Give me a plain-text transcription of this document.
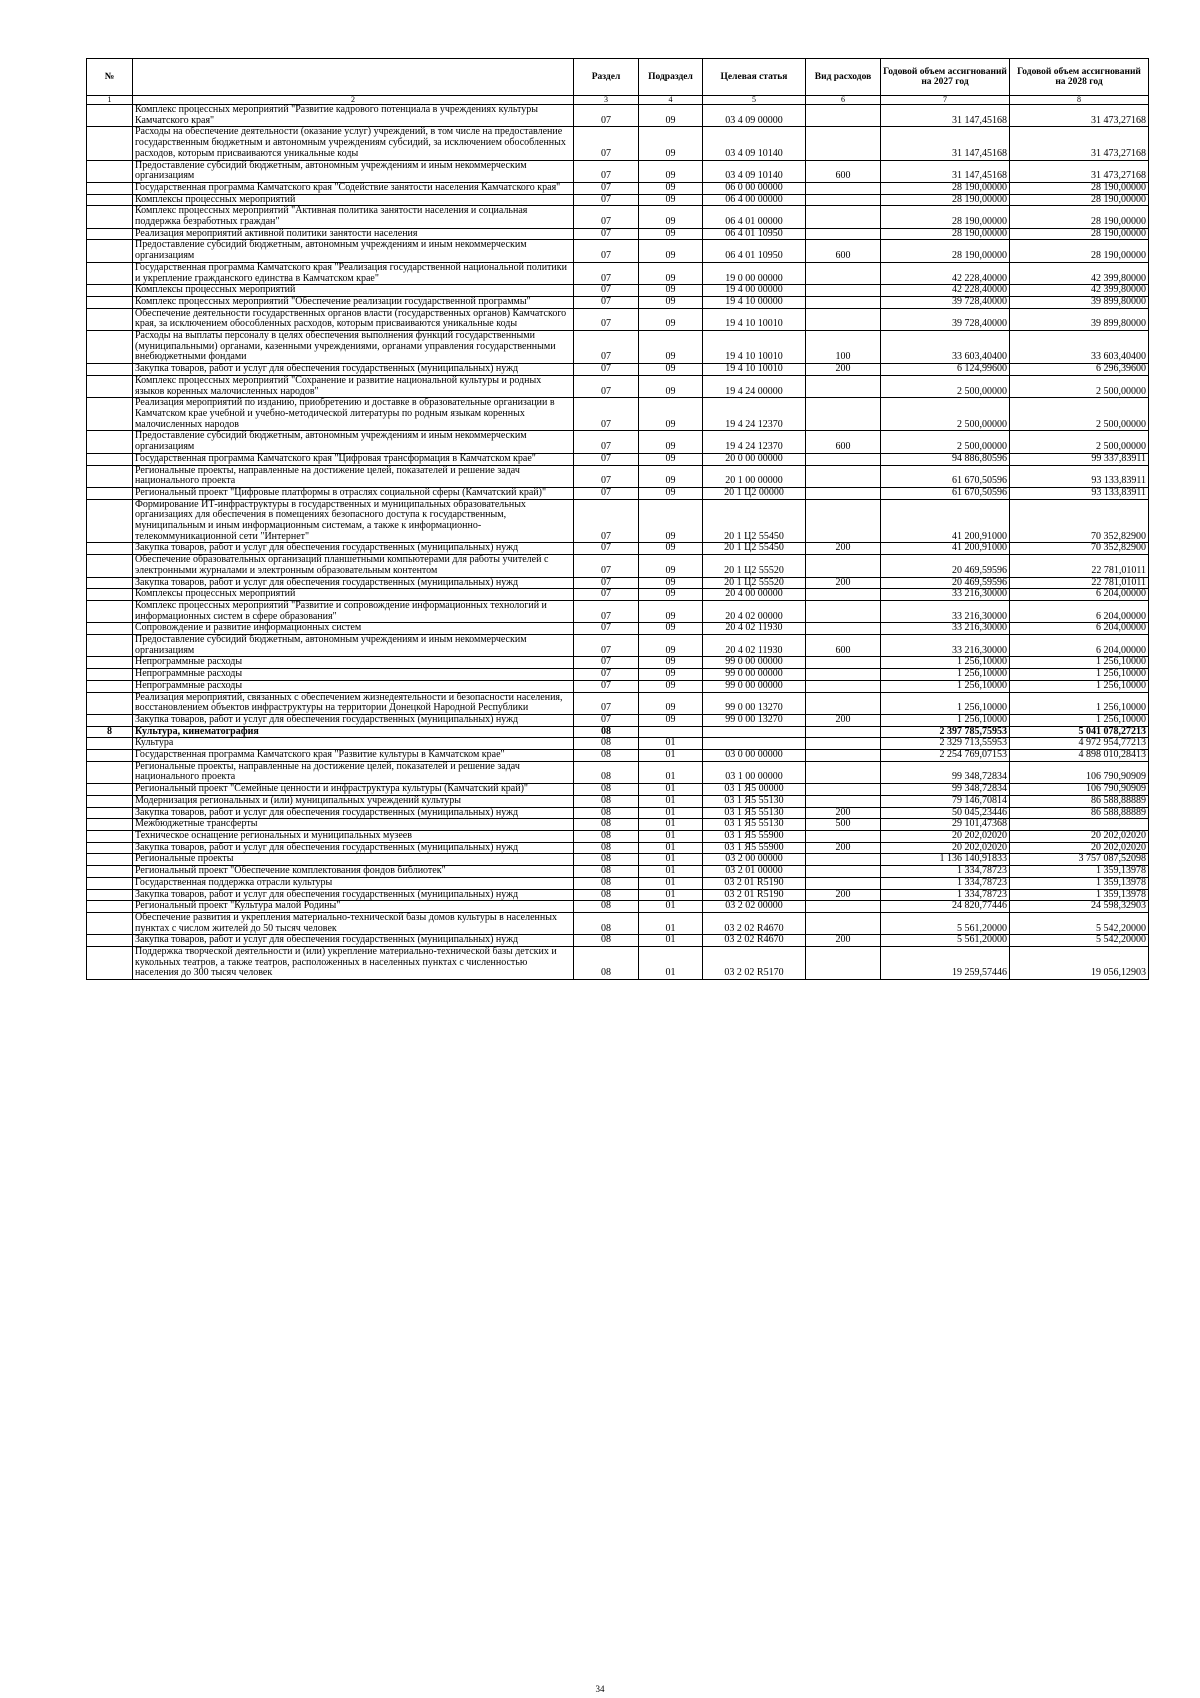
№		Раздел	Подраздел	Целевая статья	Вид расходов	Годовой объем ассигнований на 2027 год	Годовой объем ассигнований на 2028 год
1	2	3	4	5	6	7	8
	Комплекс процессных мероприятий "Развитие кадрового потенциала в учреждениях культуры Камчатского края"	07	09	03 4 09 00000		31 147,45168	31 473,27168
	Расходы на обеспечение деятельности (оказание услуг) учреждений, в том числе на предоставление государственным бюджетным и автономным учреждениям субсидий, за исключением обособленных расходов, которым присваиваются уникальные коды	07	09	03 4 09 10140		31 147,45168	31 473,27168
	Предоставление субсидий бюджетным, автономным учреждениям и иным некоммерческим организациям	07	09	03 4 09 10140	600	31 147,45168	31 473,27168
	Государственная программа Камчатского края "Содействие занятости населения Камчатского края"	07	09	06 0 00 00000		28 190,00000	28 190,00000
	Комплексы процессных мероприятий	07	09	06 4 00 00000		28 190,00000	28 190,00000
	Комплекс процессных мероприятий "Активная политика занятости населения и социальная поддержка безработных граждан"	07	09	06 4 01 00000		28 190,00000	28 190,00000
	Реализация мероприятий активной политики занятости населения	07	09	06 4 01 10950		28 190,00000	28 190,00000
	Предоставление субсидий бюджетным, автономным учреждениям и иным некоммерческим организациям	07	09	06 4 01 10950	600	28 190,00000	28 190,00000
	Государственная программа Камчатского края "Реализация государственной национальной политики и укрепление гражданского единства в Камчатском крае"	07	09	19 0 00 00000		42 228,40000	42 399,80000
	Комплексы процессных мероприятий	07	09	19 4 00 00000		42 228,40000	42 399,80000
	Комплекс процессных мероприятий "Обеспечение реализации государственной программы"	07	09	19 4 10 00000		39 728,40000	39 899,80000
	Обеспечение деятельности государственных органов власти (государственных органов) Камчатского края, за исключением обособленных расходов, которым присваиваются уникальные коды	07	09	19 4 10 10010		39 728,40000	39 899,80000
	Расходы на выплаты персоналу в целях обеспечения выполнения функций государственными (муниципальными) органами, казенными учреждениями, органами управления государственными внебюджетными фондами	07	09	19 4 10 10010	100	33 603,40400	33 603,40400
	Закупка товаров, работ и услуг для обеспечения государственных (муниципальных) нужд	07	09	19 4 10 10010	200	6 124,99600	6 296,39600
	Комплекс процессных мероприятий "Сохранение и развитие национальной культуры и родных языков коренных малочисленных народов"	07	09	19 4 24 00000		2 500,00000	2 500,00000
	Реализация мероприятий по изданию, приобретению и доставке в образовательные организации в Камчатском крае учебной и учебно-методической литературы по родным языкам коренных малочисленных народов	07	09	19 4 24 12370		2 500,00000	2 500,00000
	Предоставление субсидий бюджетным, автономным учреждениям и иным некоммерческим организациям	07	09	19 4 24 12370	600	2 500,00000	2 500,00000
	Государственная программа Камчатского края "Цифровая трансформация в Камчатском крае"	07	09	20 0 00 00000		94 886,80596	99 337,83911
	Региональные проекты, направленные на достижение целей, показателей и решение задач национального проекта	07	09	20 1 00 00000		61 670,50596	93 133,83911
	Региональный проект "Цифровые платформы в отраслях социальной сферы (Камчатский край)"	07	09	20 1 Ц2 00000		61 670,50596	93 133,83911
	Формирование ИТ-инфраструктуры в государственных и муниципальных образовательных организациях для обеспечения в помещениях безопасного доступа к государственным, муниципальным и иным информационным системам, а также к информационно-телекоммуникационной сети "Интернет"	07	09	20 1 Ц2 55450		41 200,91000	70 352,82900
	Закупка товаров, работ и услуг для обеспечения государственных (муниципальных) нужд	07	09	20 1 Ц2 55450	200	41 200,91000	70 352,82900
	Обеспечение образовательных организаций планшетными компьютерами для работы учителей с электронными журналами и электронным образовательным контентом	07	09	20 1 Ц2 55520		20 469,59596	22 781,01011
	Закупка товаров, работ и услуг для обеспечения государственных (муниципальных) нужд	07	09	20 1 Ц2 55520	200	20 469,59596	22 781,01011
	Комплексы процессных мероприятий	07	09	20 4 00 00000		33 216,30000	6 204,00000
	Комплекс процессных мероприятий "Развитие и сопровождение информационных технологий и информационных систем в сфере образования"	07	09	20 4 02 00000		33 216,30000	6 204,00000
	Сопровождение и развитие информационных систем	07	09	20 4 02 11930		33 216,30000	6 204,00000
	Предоставление субсидий бюджетным, автономным учреждениям и иным некоммерческим организациям	07	09	20 4 02 11930	600	33 216,30000	6 204,00000
	Непрограммные расходы	07	09	99 0 00 00000		1 256,10000	1 256,10000
	Непрограммные расходы	07	09	99 0 00 00000		1 256,10000	1 256,10000
	Непрограммные расходы	07	09	99 0 00 00000		1 256,10000	1 256,10000
	Реализация мероприятий, связанных с обеспечением жизнедеятельности и безопасности населения, восстановлением объектов инфраструктуры на территории Донецкой Народной Республики	07	09	99 0 00 13270		1 256,10000	1 256,10000
	Закупка товаров, работ и услуг для обеспечения государственных (муниципальных) нужд	07	09	99 0 00 13270	200	1 256,10000	1 256,10000
8	Культура, кинематография	08				2 397 785,75953	5 041 078,27213
	Культура	08	01			2 329 713,55953	4 972 954,77213
	Государственная программа Камчатского края "Развитие культуры в Камчатском крае"	08	01	03 0 00 00000		2 254 769,07153	4 898 010,28413
	Региональные проекты, направленные на достижение целей, показателей и решение задач национального проекта	08	01	03 1 00 00000		99 348,72834	106 790,90909
	Региональный проект "Семейные ценности и инфраструктура культуры (Камчатский край)"	08	01	03 1 Я5 00000		99 348,72834	106 790,90909
	Модернизация региональных и (или) муниципальных учреждений культуры	08	01	03 1 Я5 55130		79 146,70814	86 588,88889
	Закупка товаров, работ и услуг для обеспечения государственных (муниципальных) нужд	08	01	03 1 Я5 55130	200	50 045,23446	86 588,88889
	Межбюджетные трансферты	08	01	03 1 Я5 55130	500	29 101,47368	
	Техническое оснащение региональных и муниципальных музеев	08	01	03 1 Я5 55900		20 202,02020	20 202,02020
	Закупка товаров, работ и услуг для обеспечения государственных (муниципальных) нужд	08	01	03 1 Я5 55900	200	20 202,02020	20 202,02020
	Региональные проекты	08	01	03 2 00 00000		1 136 140,91833	3 757 087,52098
	Региональный проект "Обеспечение комплектования фондов библиотек"	08	01	03 2 01 00000		1 334,78723	1 359,13978
	Государственная поддержка отрасли культуры	08	01	03 2 01 R5190		1 334,78723	1 359,13978
	Закупка товаров, работ и услуг для обеспечения государственных (муниципальных) нужд	08	01	03 2 01 R5190	200	1 334,78723	1 359,13978
	Региональный проект "Культура малой Родины"	08	01	03 2 02 00000		24 820,77446	24 598,32903
	Обеспечение развития и укрепления материально-технической базы домов культуры в населенных пунктах с числом жителей до 50 тысяч человек	08	01	03 2 02 R4670		5 561,20000	5 542,20000
	Закупка товаров, работ и услуг для обеспечения государственных (муниципальных) нужд	08	01	03 2 02 R4670	200	5 561,20000	5 542,20000
	Поддержка творческой деятельности и (или) укрепление материально-технической базы детских и кукольных театров, а также театров, расположенных в населенных пунктах с численностью населения до 300 тысяч человек	08	01	03 2 02 R5170		19 259,57446	19 056,12903
34
